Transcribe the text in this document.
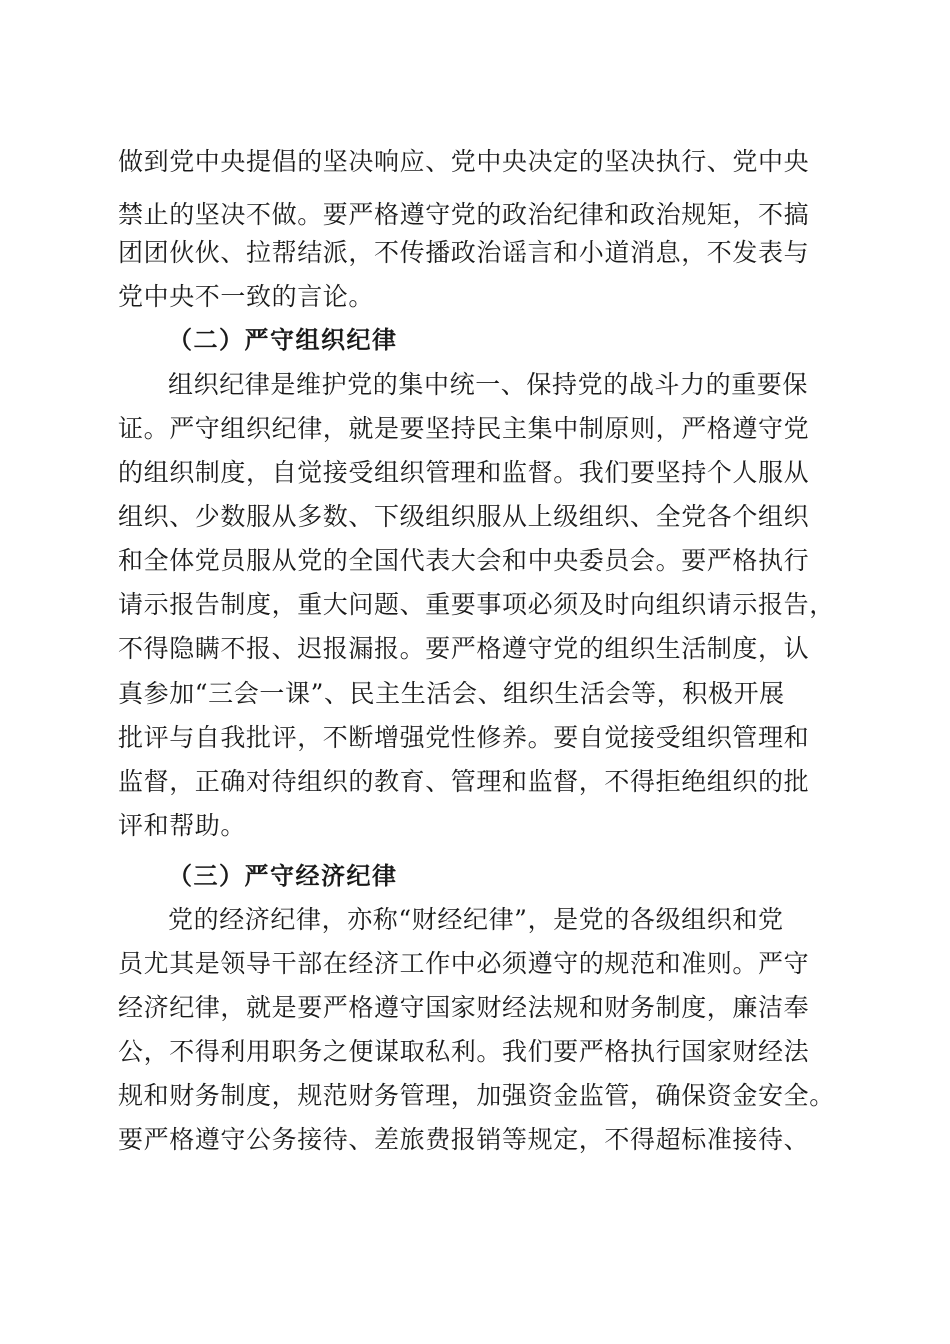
做到党中央提倡的坚决响应、党中央决定的坚决执行、党中央
禁止的坚决不做。要严格遵守党的政治纪律和政治规矩，不搞
团团伙伙、拉帮结派，不传播政治谣言和小道消息，不发表与
党中央不一致的言论。
（二）严守组织纪律
组织纪律是维护党的集中统一、保持党的战斗力的重要保
证。严守组织纪律，就是要坚持民主集中制原则，严格遵守党
的组织制度，自觉接受组织管理和监督。我们要坚持个人服从
组织、少数服从多数、下级组织服从上级组织、全党各个组织
和全体党员服从党的全国代表大会和中央委员会。要严格执行
请示报告制度，重大问题、重要事项必须及时向组织请示报告，
不得隐瞒不报、迟报漏报。要严格遵守党的组织生活制度，认
真参加“三会一课”、民主生活会、组织生活会等，积极开展
批评与自我批评，不断增强党性修养。要自觉接受组织管理和
监督，正确对待组织的教育、管理和监督，不得拒绝组织的批
评和帮助。
（三）严守经济纪律
党的经济纪律，亦称“财经纪律”，是党的各级组织和党
员尤其是领导干部在经济工作中必须遵守的规范和准则。严守
经济纪律，就是要严格遵守国家财经法规和财务制度，廉洁奉
公，不得利用职务之便谋取私利。我们要严格执行国家财经法
规和财务制度，规范财务管理，加强资金监管，确保资金安全。
要严格遵守公务接待、差旅费报销等规定，不得超标准接待、
